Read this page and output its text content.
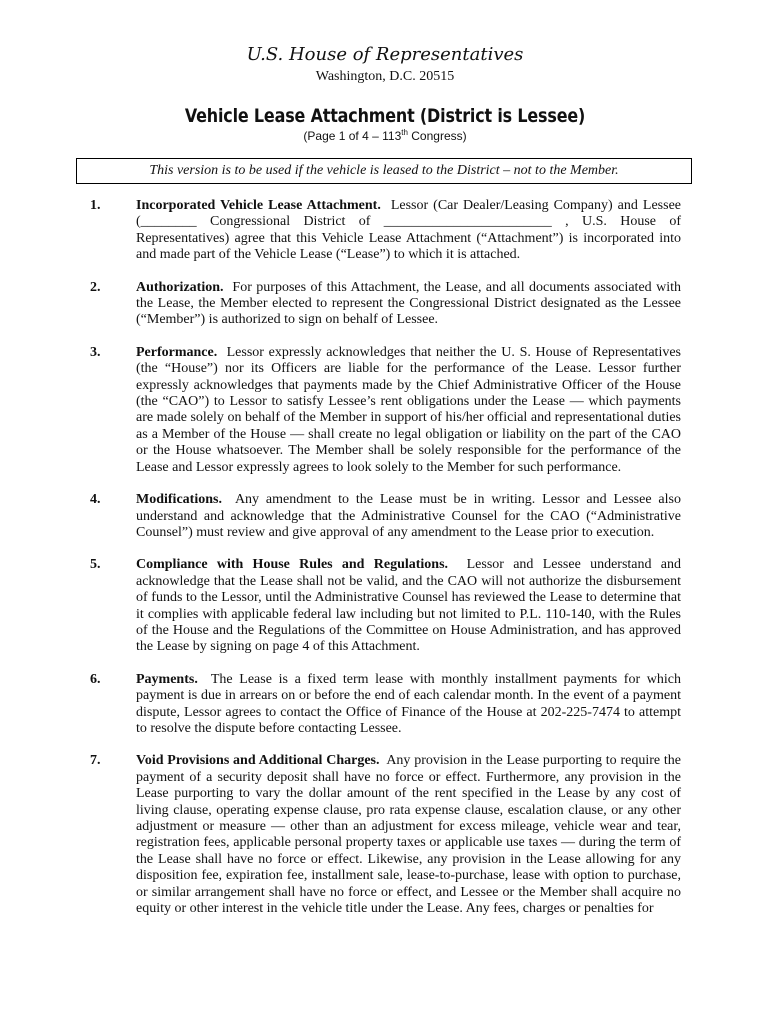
U.S. House of Representatives
Washington, D.C. 20515
Vehicle Lease Attachment (District is Lessee)
(Page 1 of 4 – 113th Congress)
This version is to be used if the vehicle is leased to the District – not to the Member.
1.	Incorporated Vehicle Lease Attachment. Lessor (Car Dealer/Leasing Company) and Lessee (________ Congressional District of ________________________ , U.S. House of Representatives) agree that this Vehicle Lease Attachment (“Attachment”) is incorporated into and made part of the Vehicle Lease (“Lease”) to which it is attached.
2.	Authorization. For purposes of this Attachment, the Lease, and all documents associated with the Lease, the Member elected to represent the Congressional District designated as the Lessee (“Member”) is authorized to sign on behalf of Lessee.
3.	Performance. Lessor expressly acknowledges that neither the U. S. House of Representatives (the “House”) nor its Officers are liable for the performance of the Lease. Lessor further expressly acknowledges that payments made by the Chief Administrative Officer of the House (the “CAO”) to Lessor to satisfy Lessee’s rent obligations under the Lease — which payments are made solely on behalf of the Member in support of his/her official and representational duties as a Member of the House — shall create no legal obligation or liability on the part of the CAO or the House whatsoever. The Member shall be solely responsible for the performance of the Lease and Lessor expressly agrees to look solely to the Member for such performance.
4.	Modifications. Any amendment to the Lease must be in writing. Lessor and Lessee also understand and acknowledge that the Administrative Counsel for the CAO (“Administrative Counsel”) must review and give approval of any amendment to the Lease prior to execution.
5.	Compliance with House Rules and Regulations. Lessor and Lessee understand and acknowledge that the Lease shall not be valid, and the CAO will not authorize the disbursement of funds to the Lessor, until the Administrative Counsel has reviewed the Lease to determine that it complies with applicable federal law including but not limited to P.L. 110-140, with the Rules of the House and the Regulations of the Committee on House Administration, and has approved the Lease by signing on page 4 of this Attachment.
6.	Payments. The Lease is a fixed term lease with monthly installment payments for which payment is due in arrears on or before the end of each calendar month. In the event of a payment dispute, Lessor agrees to contact the Office of Finance of the House at 202-225-7474 to attempt to resolve the dispute before contacting Lessee.
7.	Void Provisions and Additional Charges. Any provision in the Lease purporting to require the payment of a security deposit shall have no force or effect. Furthermore, any provision in the Lease purporting to vary the dollar amount of the rent specified in the Lease by any cost of living clause, operating expense clause, pro rata expense clause, escalation clause, or any other adjustment or measure — other than an adjustment for excess mileage, vehicle wear and tear, registration fees, applicable personal property taxes or applicable use taxes — during the term of the Lease shall have no force or effect. Likewise, any provision in the Lease allowing for any disposition fee, expiration fee, installment sale, lease-to-purchase, lease with option to purchase, or similar arrangement shall have no force or effect, and Lessee or the Member shall acquire no equity or other interest in the vehicle title under the Lease. Any fees, charges or penalties for
